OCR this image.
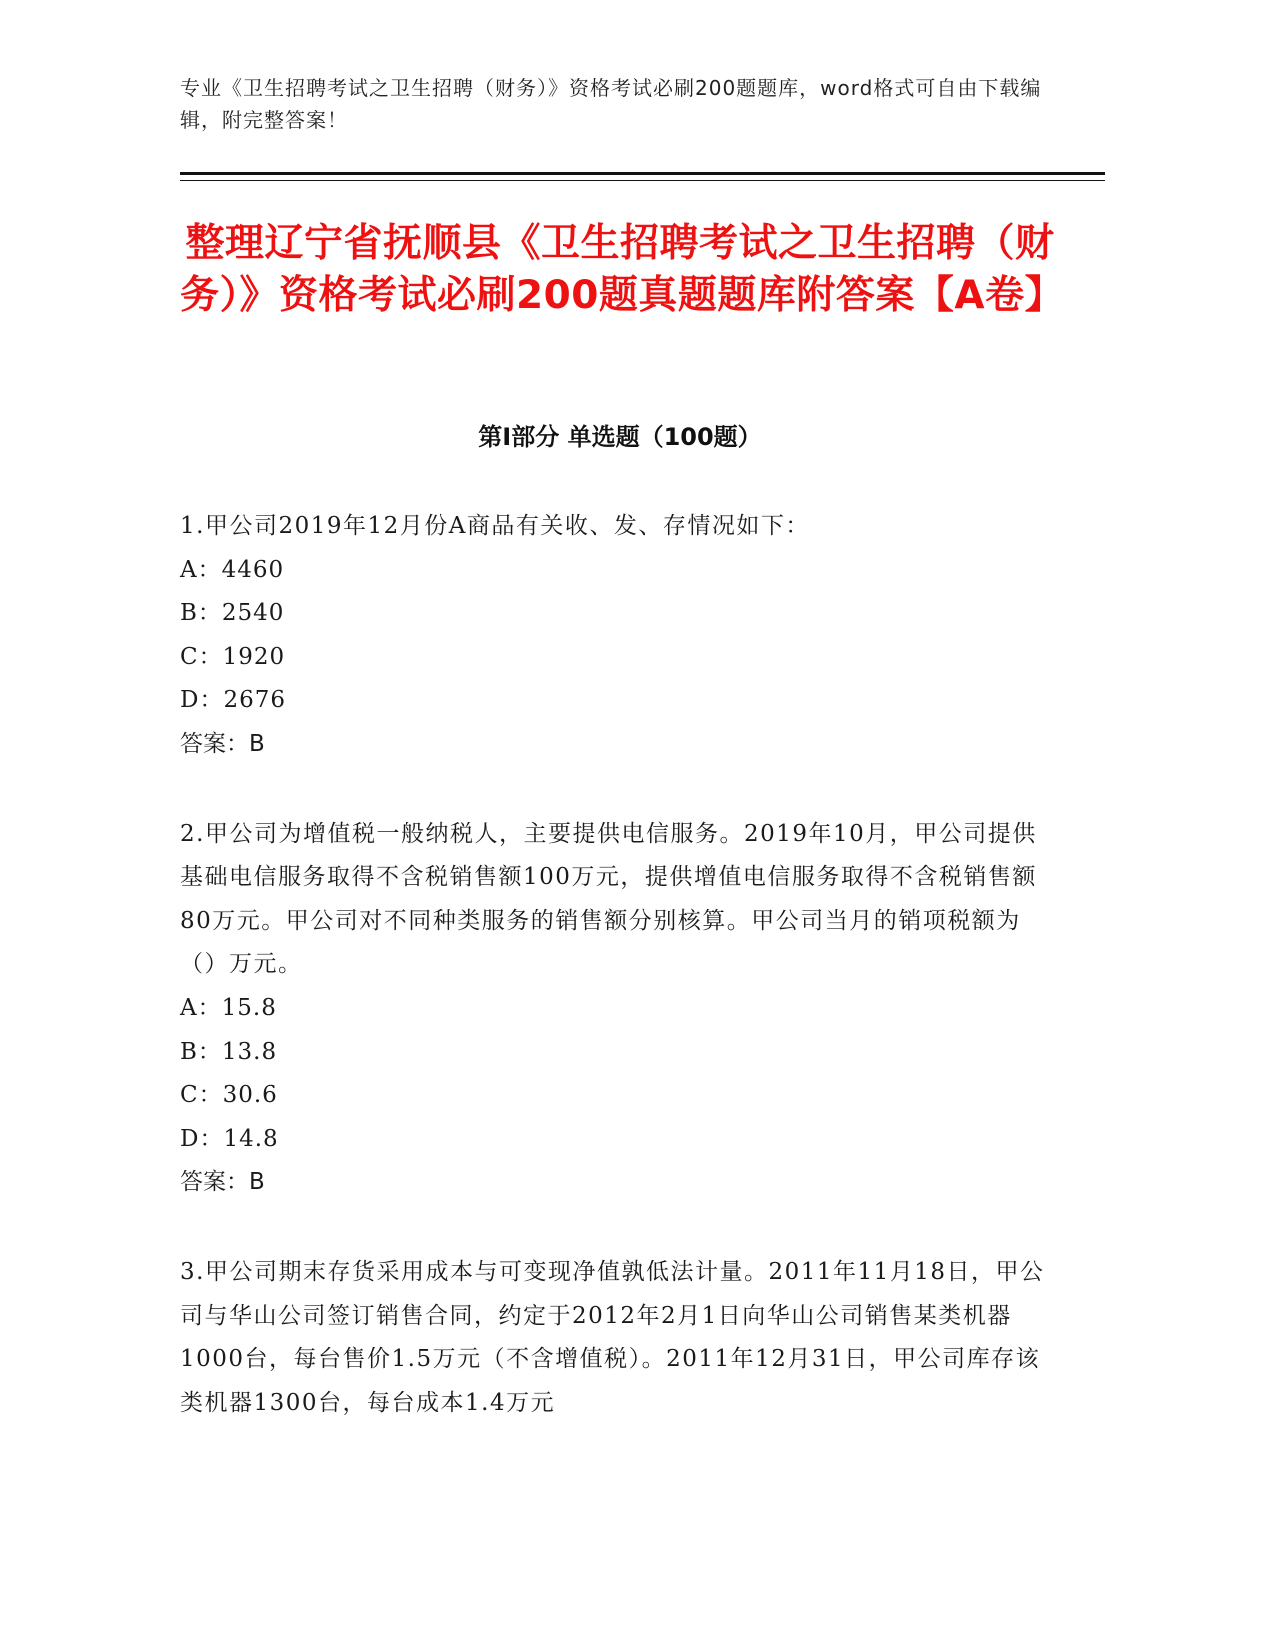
专业《卫生招聘考试之卫生招聘（财务）》资格考试必刷200题题库，word格式可自由下载编辑，附完整答案！
整理辽宁省抚顺县《卫生招聘考试之卫生招聘（财务）》资格考试必刷200题真题题库附答案【A卷】
第I部分 单选题（100题）

1.甲公司2019年12月份A商品有关收、发、存情况如下：

A：4460

B：2540

C：1920

D：2676

答案：B

2.甲公司为增值税一般纳税人，主要提供电信服务。2019年10月，甲公司提供基础电信服务取得不含税销售额100万元，提供增值电信服务取得不含税销售额80万元。甲公司对不同种类服务的销售额分别核算。甲公司当月的销项税额为（）万元。

A：15.8

B：13.8

C：30.6

D：14.8

答案：B

3.甲公司期末存货采用成本与可变现净值孰低法计量。2011年11月18日，甲公司与华山公司签订销售合同，约定于2012年2月1日向华山公司销售某类机器1000台，每台售价1.5万元（不含增值税）。2011年12月31日，甲公司库存该类机器1300台，每台成本1.4万元
